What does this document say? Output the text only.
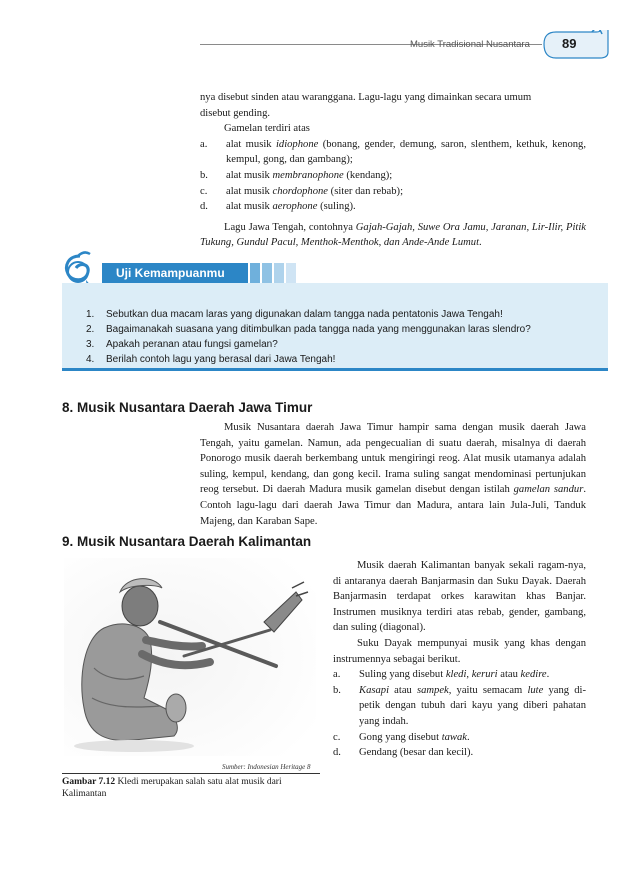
Musik Tradisional Nusantara 89
nya disebut sinden atau waranggana. Lagu-lagu yang dimainkan secara umum
disebut gending.
Gamelan terdiri atas
a.	alat musik idiophone (bonang, gender, demung, saron, slenthem, kethuk, kenong, kempul, gong, dan gambang);
b.	alat musik membranophone (kendang);
c.	alat musik chordophone (siter dan rebab);
d.	alat musik aerophone (suling).
Lagu Jawa Tengah, contohnya Gajah-Gajah, Suwe Ora Jamu, Jaranan, Lir-Ilir, Pitik Tukung, Gundul Pacul, Menthok-Menthok, dan Ande-Ande Lumut.
Uji Kemampuanmu
1.	Sebutkan dua macam laras yang digunakan dalam tangga nada pentatonis Jawa Tengah!
2.	Bagaimanakah suasana yang ditimbulkan pada tangga nada yang menggunakan laras slendro?
3.	Apakah peranan atau fungsi gamelan?
4.	Berilah contoh lagu yang berasal dari Jawa Tengah!
8. Musik Nusantara Daerah Jawa Timur
Musik Nusantara daerah Jawa Timur hampir sama dengan musik daerah Jawa Tengah, yaitu gamelan. Namun, ada pengecualian di suatu daerah, misalnya di daerah Ponorogo musik daerah berkembang untuk mengiringi reog. Alat musik utamanya adalah suling, kempul, kendang, dan gong kecil. Irama suling sangat mendominasi pertunjukan reog tersebut. Di daerah Madura musik gamelan disebut dengan istilah gamelan sandur. Contoh lagu-lagu dari daerah Jawa Timur dan Madura, antara lain Jula-Juli, Tanduk Majeng, dan Karaban Sape.
9. Musik Nusantara Daerah Kalimantan
Sumber: Indonesian Heritage 8
Gambar 7.12 Kledi merupakan salah satu alat musik dari Kalimantan
Musik daerah Kalimantan banyak sekali ragam-nya, di antaranya daerah Banjarmasin dan Suku Dayak. Daerah Banjarmasin terdapat orkes karawitan khas Banjar. Instrumen musiknya terdiri atas rebab, gender, gambang, dan suling (diagonal).
Suku Dayak mempunyai musik yang khas dengan instrumennya sebagai berikut.
a.	Suling yang disebut kledi, keruri atau kedire.
b.	Kasapi atau sampek, yaitu semacam lute yang di-petik dengan tubuh dari kayu yang diberi pahatan yang indah.
c.	Gong yang disebut tawak.
d.	Gendang (besar dan kecil).
